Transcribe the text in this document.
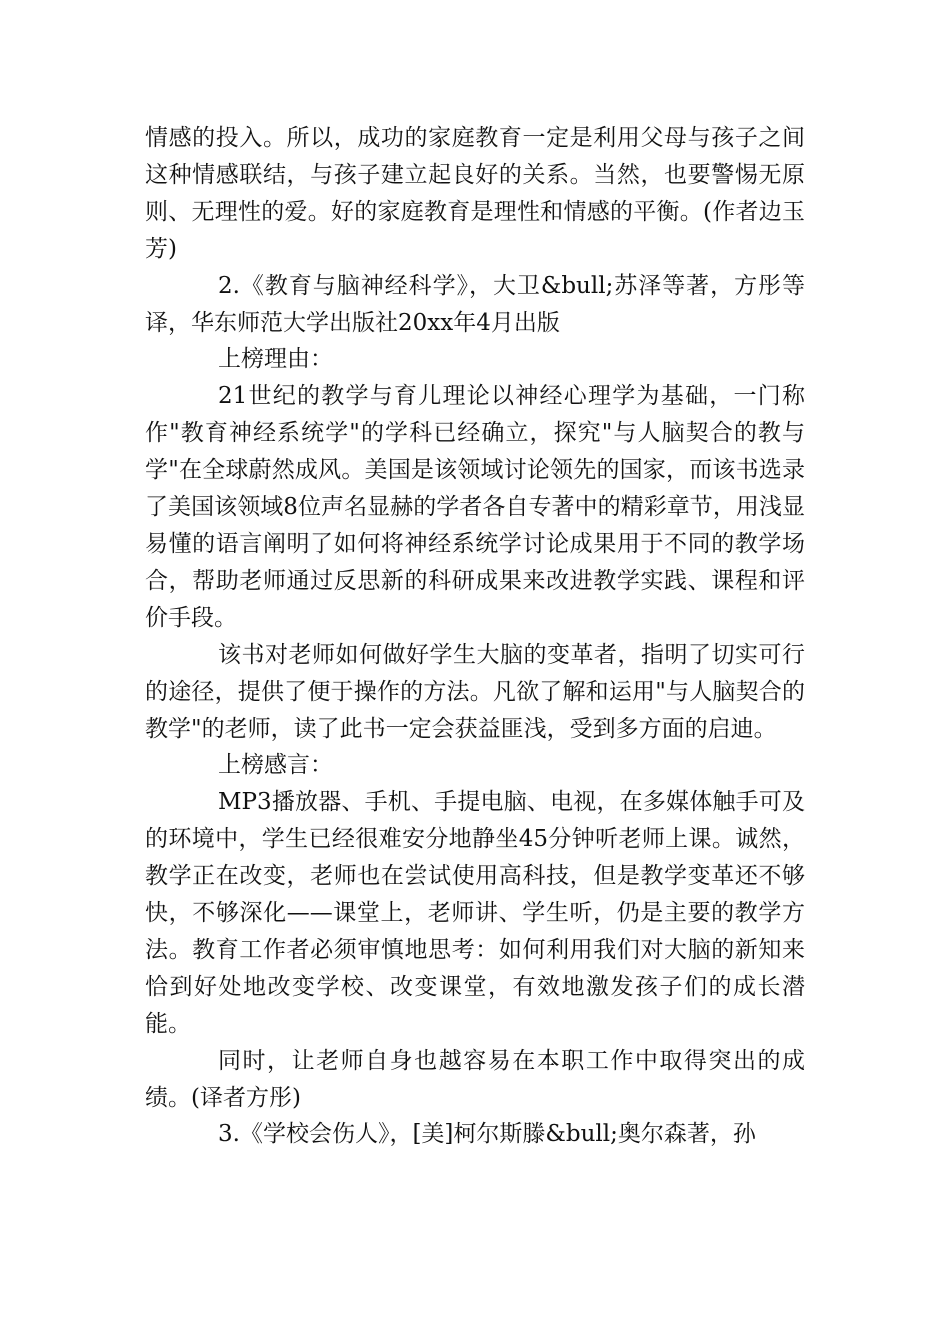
情感的投入。所以，成功的家庭教育一定是利用父母与孩子之间这种情感联结，与孩子建立起良好的关系。当然，也要警惕无原则、无理性的爱。好的家庭教育是理性和情感的平衡。(作者边玉芳)

2.《教育与脑神经科学》，大卫&bull;苏泽等著，方彤等译，华东师范大学出版社20xx年4月出版

上榜理由：

21世纪的教学与育儿理论以神经心理学为基础，一门称作"教育神经系统学"的学科已经确立，探究"与人脑契合的教与学"在全球蔚然成风。美国是该领域讨论领先的国家，而该书选录了美国该领域8位声名显赫的学者各自专著中的精彩章节，用浅显易懂的语言阐明了如何将神经系统学讨论成果用于不同的教学场合，帮助老师通过反思新的科研成果来改进教学实践、课程和评价手段。

该书对老师如何做好学生大脑的变革者，指明了切实可行的途径，提供了便于操作的方法。凡欲了解和运用"与人脑契合的教学"的老师，读了此书一定会获益匪浅，受到多方面的启迪。

上榜感言：

MP3播放器、手机、手提电脑、电视，在多媒体触手可及的环境中，学生已经很难安分地静坐45分钟听老师上课。诚然，教学正在改变，老师也在尝试使用高科技，但是教学变革还不够快，不够深化——课堂上，老师讲、学生听，仍是主要的教学方法。教育工作者必须审慎地思考：如何利用我们对大脑的新知来恰到好处地改变学校、改变课堂，有效地激发孩子们的成长潜能。

同时，让老师自身也越容易在本职工作中取得突出的成绩。(译者方彤)

3.《学校会伤人》，[美]柯尔斯滕&bull;奥尔森著，孙
